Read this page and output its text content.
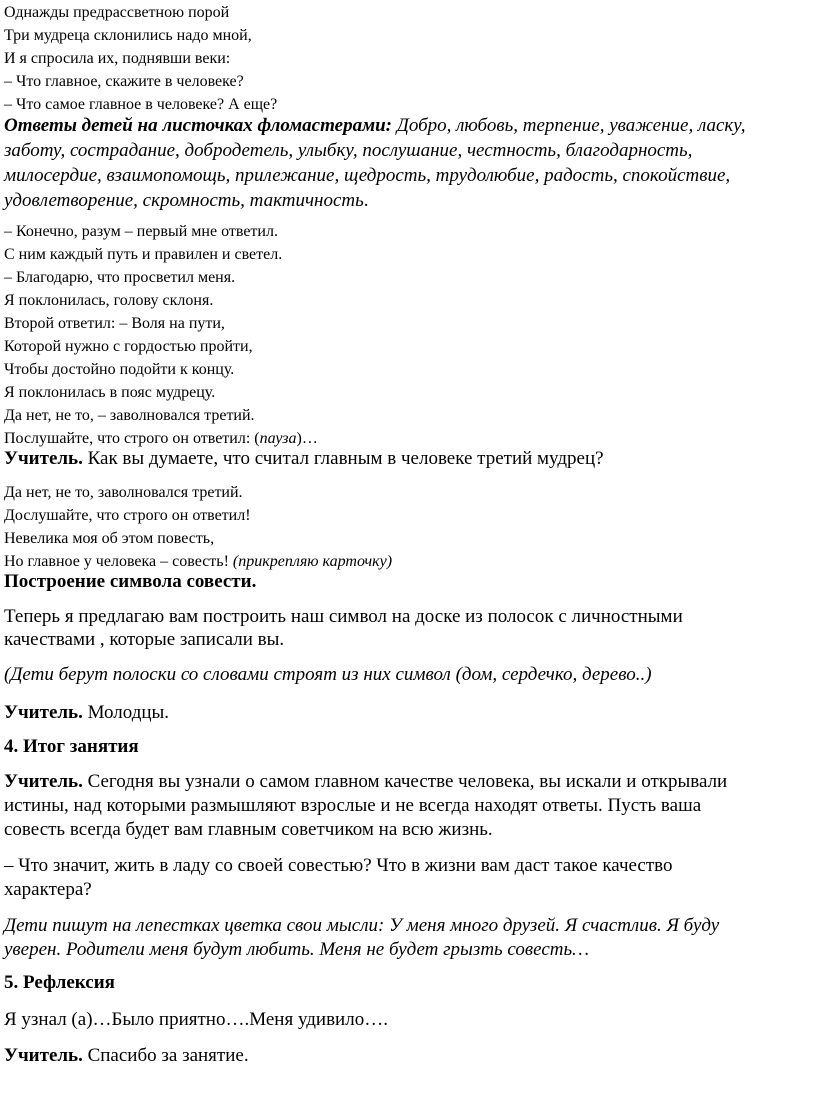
Однажды предрассветною порой
Три мудреца склонились надо мной,
И я спросила их, поднявши веки:
– Что главное, скажите в человеке?
– Что самое главное в человеке? А еще?
Ответы детей на листочках фломастерами: Добро, любовь, терпение, уважение, ласку,
заботу, сострадание, добродетель, улыбку, послушание, честность, благодарность,
милосердие, взаимопомощь, прилежание, щедрость, трудолюбие, радость, спокойствие,
удовлетворение, скромность, тактичность.
– Конечно, разум – первый мне ответил.
С ним каждый путь и правилен и светел.
– Благодарю, что просветил меня.
Я поклонилась, голову склоня.
Второй ответил: – Воля на пути,
Которой нужно с гордостью пройти,
Чтобы достойно подойти к концу.
Я поклонилась в пояс мудрецу.
Да нет, не то, – заволновался третий.
Послушайте, что строго он ответил: (пауза)…
Учитель. Как вы думаете, что считал главным в человеке третий мудрец?
Да нет, не то, заволновался третий.
Дослушайте, что строго он ответил!
Невелика моя об этом повесть,
Но главное у человека – совесть! (прикрепляю карточку)
Построение символа совести.
Теперь я предлагаю вам построить наш символ на доске из полосок с личностными
качествами , которые записали вы.
(Дети берут полоски со словами строят из них символ (дом, сердечко, дерево..)
Учитель. Молодцы.
4. Итог занятия
Учитель. Сегодня вы узнали о самом главном качестве человека, вы искали и открывали
истины, над которыми размышляют взрослые и не всегда находят ответы. Пусть ваша
совесть всегда будет вам главным советчиком на всю жизнь.
– Что значит, жить в ладу со своей совестью? Что в жизни вам даст такое качество
характера?
Дети пишут на лепестках цветка свои мысли: У меня много друзей. Я счастлив. Я буду
уверен. Родители меня будут любить. Меня не будет грызть совесть…
5. Рефлексия
Я узнал (а)…Было приятно….Меня удивило….
Учитель. Спасибо за занятие.
